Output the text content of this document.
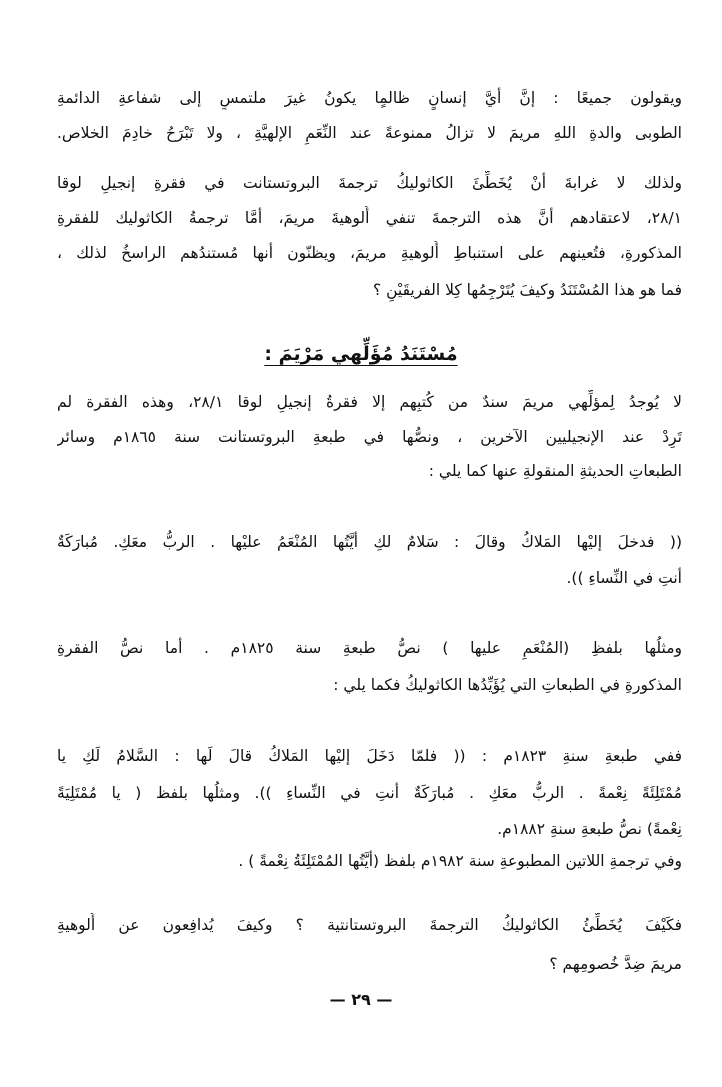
ويقولون جميعًا : إنَّ أيَّ إنسانٍ ظالمٍا يكونُ غيرَ ملتمسٍ إلى شفاعةِ الدائمةِ
الطوبى والدةِ اللهِ مريمَ لا تزالُ ممنوعةً عند النِّعَمِ الإلهيَّةِ ، ولا تَبْرَحُ خادِمَ الخلاص.
ولذلك لا غرابةَ أنْ يُخَطِّئَ الكاثوليكُ ترجمةَ البروتستانت في فقرةِ إنجيلِ لوقا
٢٨/١، لاعتقادهم أنَّ هذه الترجمةَ تنفي أُلوهيةَ مريمَ، أمَّا ترجمةُ الكاثوليك للفقرةِ
المذكورةِ، فتُعينهم على استنباطِ أُلوهيةِ مريمَ، ويظنّون أنها مُستندُهم الراسخُ لذلك ،
فما هو هذا المُسْتَنَدُ وكيفَ يُتَرْجِمُها كِلا الفريقَيْنِ ؟
مُسْتَنَدُ مُؤَلِّهي مَرْيَمَ :
لا يُوجدُ لِمؤلِّهي مريمَ سندٌ من كُتبِهم إلا فقرةُ إنجيلِ لوقا ٢٨/١، وهذه الفقرة لم
تَرِدْ عند الإنجيليين الآخرين ، ونصُّها في طبعةِ البروتستانت سنة ١٨٦٥م وسائر
الطبعاتِ الحديثةِ المنقولةِ عنها كما يلي :
(( فدخلَ إليْها المَلاكُ وقالَ : سَلامٌ لكِ أيَّتُها المُنْعَمُ عليْها . الربُّ معَكِ. مُبارَكَةٌ
أنتِ في النِّساءِ )).
ومثلُها بلفظِ (المُنْعَمِ عليها ) نصُّ طبعةِ سنة ١٨٢٥م . أما نصُّ الفقرةِ
المذكورةِ في الطبعاتِ التي يُؤَيِّدُها الكاثوليكُ فكما يلي :
ففي طبعةِ سنةِ ١٨٢٣م : (( فلمّا دَخَلَ إليْها المَلاكُ قالَ لَها : السَّلامُ لَكِ يا
مُمْتَلِئَةً نِعْمةً . الربُّ معَكِ . مُبارَكَةٌ أنتِ في النِّساءِ )). ومثلُها بلفظ ( يا مُمْتَلِيَةً
نِعْمةً) نصُّ طبعةِ سنةِ ١٨٨٢م.
وفي ترجمةِ اللاتين المطبوعةِ سنة ١٩٨٢م بلفظ (أيَّتُها المُمْتَلِئَةُ نِعْمةً ) .
فكَيْفَ يُخَطِّئُ الكاثوليكُ الترجمةَ البروتستانتية ؟ وكيفَ يُدافِعون عن أُلوهيةِ
مريمَ ضِدَّ خُصومِهم ؟
— ٢٩ —
